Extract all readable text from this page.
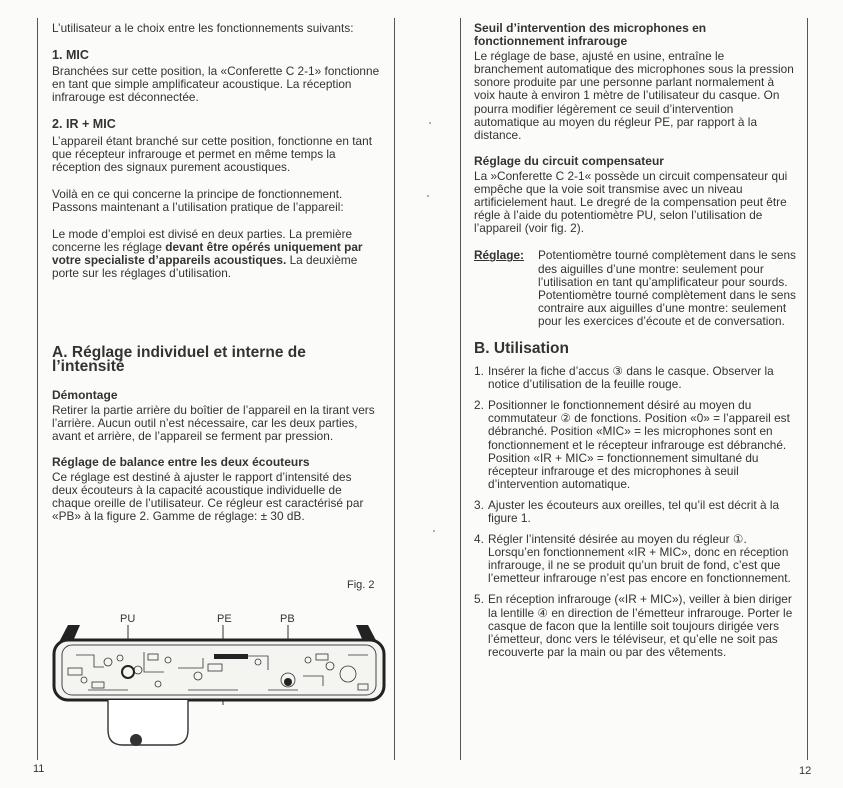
L’utilisateur a le choix entre les fonctionnements suivants:

1. MIC

Branchées sur cette position, la «Conferette C 2-1» fonctionne en tant que simple amplificateur acoustique. La réception infrarouge est déconnectée.

2. IR + MIC

L’appareil étant branché sur cette position, fonctionne en tant que récepteur infrarouge et permet en même temps la réception des signaux purement acoustiques.

Voilà en ce qui concerne la principe de fonctionnement. Passons maintenant a l’utilisation pratique de l’appareil:

Le mode d’emploi est divisé en deux parties. La première concerne les réglage devant être opérés uniquement par votre specialiste d’appareils acoustiques. La deuxième porte sur les réglages d’utilisation.

A. Réglage individuel et interne de l’intensité

Démontage

Retirer la partie arrière du boîtier de l’appareil en la tirant vers l’arrière. Aucun outil n’est nécessaire, car les deux parties, avant et arrière, de l’appareil se ferment par pression.

Réglage de balance entre les deux écouteurs

Ce réglage est destiné à ajuster le rapport d’intensité des deux écouteurs à la capacité acoustique individuelle de chaque oreille de l’utilisateur. Ce régleur est caractérisé par «PB» à la figure 2. Gamme de réglage: ± 30 dB.

Fig. 2
PU	PE	PB
11

Seuil d’intervention des microphones en fonctionnement infrarouge

Le réglage de base, ajusté en usine, entraîne le branchement automatique des microphones sous la pression sonore produite par une personne parlant normalement à voix haute à environ 1 mètre de l’utilisateur du casque. On pourra modifier légèrement ce seuil d’intervention automatique au moyen du régleur PE, par rapport à la distance.

Réglage du circuit compensateur

La »Conferette C 2-1« possède un circuit compensateur qui empêche que la voie soit transmise avec un niveau artificielement haut. Le dregré de la compensation peut être régle à l’aide du potentiomètre PU, selon l’utilisation de l’appareil (voir fig. 2).

Réglage: Potentiomètre tourné complètement dans le sens des aiguilles d’une montre: seulement pour l’utilisation en tant qu’amplificateur pour sourds.

Potentiomètre tourné complètement dans le sens contraire aux aiguilles d’une montre: seulement pour les exercices d’écoute et de conversation.

B. Utilisation

1. Insérer la fiche d’accus ③ dans le casque. Observer la notice d’utilisation de la feuille rouge.
2. Positionner le fonctionnement désiré au moyen du commutateur ② de fonctions. Position «0» = l’appareil est débranché. Position «MIC» = les microphones sont en fonctionnement et le récepteur infrarouge est débranché. Position «IR + MIC» = fonctionnement simultané du récepteur infrarouge et des microphones à seuil d’intervention automatique.
3. Ajuster les écouteurs aux oreilles, tel qu’il est décrit à la figure 1.
4. Régler l’intensité désirée au moyen du régleur ①. Lorsqu’en fonctionnement «IR + MIC», donc en réception infrarouge, il ne se produit qu’un bruit de fond, c’est que l’emetteur infrarouge n’est pas encore en fonctionnement.
5. En réception infrarouge («IR + MIC»), veiller à bien diriger la lentille ④ en direction de l’émetteur infrarouge. Porter le casque de facon que la lentille soit toujours dirigée vers l’émetteur, donc vers le téléviseur, et qu’elle ne soit pas recouverte par la main ou par des vêtements.
12
